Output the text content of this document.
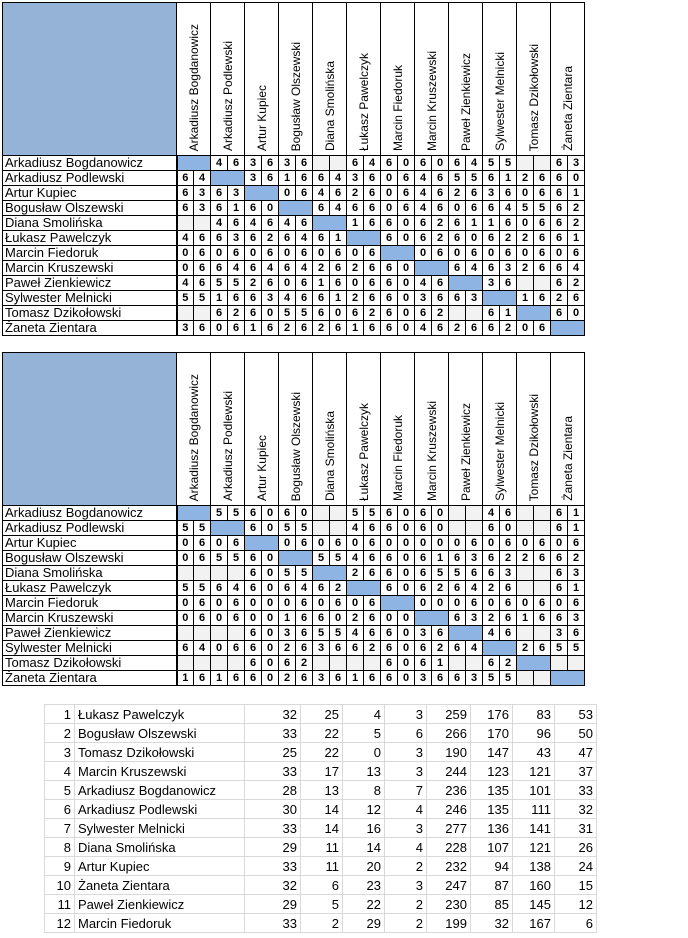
	Arkadiusz Bogdanowicz		Arkadiusz Podlewski		Artur Kupiec		Bogusław Olszewski		Diana Smolińska		Łukasz Pawelczyk		Marcin Fiedoruk		Marcin Kruszewski		Paweł Zienkiewicz		Sylwester Melnicki		Tomasz Dzikołowski		Żaneta Zientara	

Arkadiusz Bogdanowicz			4	6	3	6	3	6			6	4	6	0	6	0	6	4	5	5			6	3
Arkadiusz Podlewski	6	4			3	6	1	6	6	4	3	6	0	6	4	6	5	5	6	1	2	6	6	0
Artur Kupiec	6	3	6	3			0	6	4	6	2	6	0	6	4	6	2	6	3	6	0	6	6	1
Bogusław Olszewski	6	3	6	1	6	0			6	4	6	6	0	6	4	6	0	6	6	4	5	5	6	2
Diana Smolińska			4	6	4	6	4	6			1	6	6	0	6	2	6	1	1	6	0	6	6	2
Łukasz Pawelczyk	4	6	6	3	6	2	6	4	6	1			6	0	6	2	6	0	6	2	2	6	6	1
Marcin Fiedoruk	0	6	0	6	0	6	0	6	0	6	0	6			0	6	0	6	0	6	0	6	0	6
Marcin Kruszewski	0	6	6	4	6	4	6	4	2	6	2	6	6	0			6	4	6	3	2	6	6	4
Paweł Zienkiewicz	4	6	5	5	2	6	0	6	1	6	0	6	6	0	4	6			3	6			6	2
Sylwester Melnicki	5	5	1	6	6	3	4	6	6	1	2	6	6	0	3	6	6	3			1	6	2	6
Tomasz Dzikołowski			6	2	6	0	5	5	6	0	6	2	6	0	6	2			6	1			6	0
Żaneta Zientara	3	6	0	6	1	6	2	6	2	6	1	6	6	0	4	6	2	6	6	2	0	6		

	Arkadiusz Bogdanowicz		Arkadiusz Podlewski		Artur Kupiec		Bogusław Olszewski		Diana Smolińska		Łukasz Pawelczyk		Marcin Fiedoruk		Marcin Kruszewski		Paweł Zienkiewicz		Sylwester Melnicki		Tomasz Dzikołowski		Żaneta Zientara	

Arkadiusz Bogdanowicz			5	5	6	0	6	0			5	5	6	0	6	0			4	6			6	1
Arkadiusz Podlewski	5	5			6	0	5	5			4	6	6	0	6	0			6	0			6	1
Artur Kupiec	0	6	0	6			0	6	0	6	0	6	0	0	0	0	0	6	0	6	0	6	0	6
Bogusław Olszewski	0	6	5	5	6	0			5	5	4	6	6	0	6	1	6	3	6	2	2	6	6	2
Diana Smolińska					6	0	5	5			2	6	6	0	6	5	5	6	6	3			6	3
Łukasz Pawelczyk	5	5	6	4	6	0	6	4	6	2			6	0	6	2	6	4	2	6			6	1
Marcin Fiedoruk	0	6	0	6	0	0	0	6	0	6	0	6			0	0	0	6	0	6	0	6	0	6
Marcin Kruszewski	0	6	0	6	0	0	1	6	6	0	2	6	0	0			6	3	2	6	1	6	6	3
Paweł Zienkiewicz					6	0	3	6	5	5	4	6	6	0	3	6			4	6			3	6
Sylwester Melnicki	6	4	0	6	6	0	2	6	3	6	6	2	6	0	6	2	6	4			2	6	5	5
Tomasz Dzikołowski					6	0	6	2					6	0	6	1			6	2				
Żaneta Zientara	1	6	1	6	6	0	2	6	3	6	1	6	6	0	3	6	6	3	5	5				
1	Łukasz Pawelczyk	32	25	4	3	259	176	83	53
2	Bogusław Olszewski	33	22	5	6	266	170	96	50
3	Tomasz Dzikołowski	25	22	0	3	190	147	43	47
4	Marcin Kruszewski	33	17	13	3	244	123	121	37
5	Arkadiusz Bogdanowicz	28	13	8	7	236	135	101	33
6	Arkadiusz Podlewski	30	14	12	4	246	135	111	32
7	Sylwester Melnicki	33	14	16	3	277	136	141	31
8	Diana Smolińska	29	11	14	4	228	107	121	26
9	Artur Kupiec	33	11	20	2	232	94	138	24
10	Żaneta Zientara	32	6	23	3	247	87	160	15
11	Paweł Zienkiewicz	29	5	22	2	230	85	145	12
12	Marcin Fiedoruk	33	2	29	2	199	32	167	6
